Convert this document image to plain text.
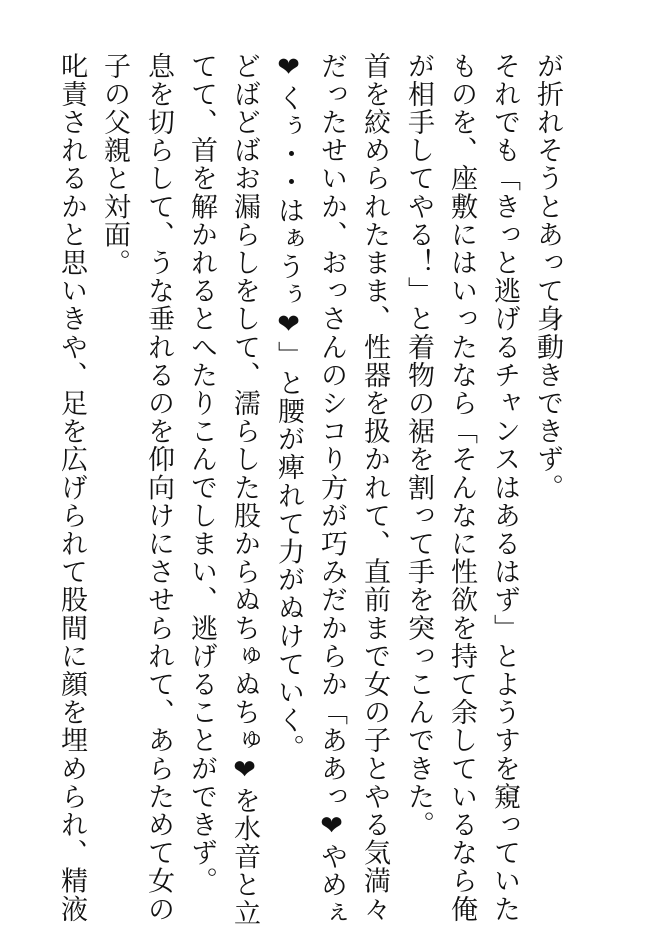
が折れそうとあって身動きできず。
それでも「きっと逃げるチャンスはあるはず」とようすを窺っていた
ものを、座敷にはいったなら「そんなに性欲を持て余しているなら俺
が相手してやる！」と着物の裾を割って手を突っこんできた。
首を絞められたまま、性器を扱かれて、直前まで女の子とやる気満々
だったせいか、おっさんのシコり方が巧みだからか「ああっ❤やめぇ
❤くぅ・・はぁうぅ❤」と腰が痺れて力がぬけていく。
どばどばお漏らしをして、濡らした股からぬちゅぬちゅ❤を水音と立
てて、首を解かれるとへたりこんでしまい、逃げることができず。
息を切らして、うな垂れるのを仰向けにさせられて、あらためて女の
子の父親と対面。
叱責されるかと思いきや、足を広げられて股間に顔を埋められ、精液
